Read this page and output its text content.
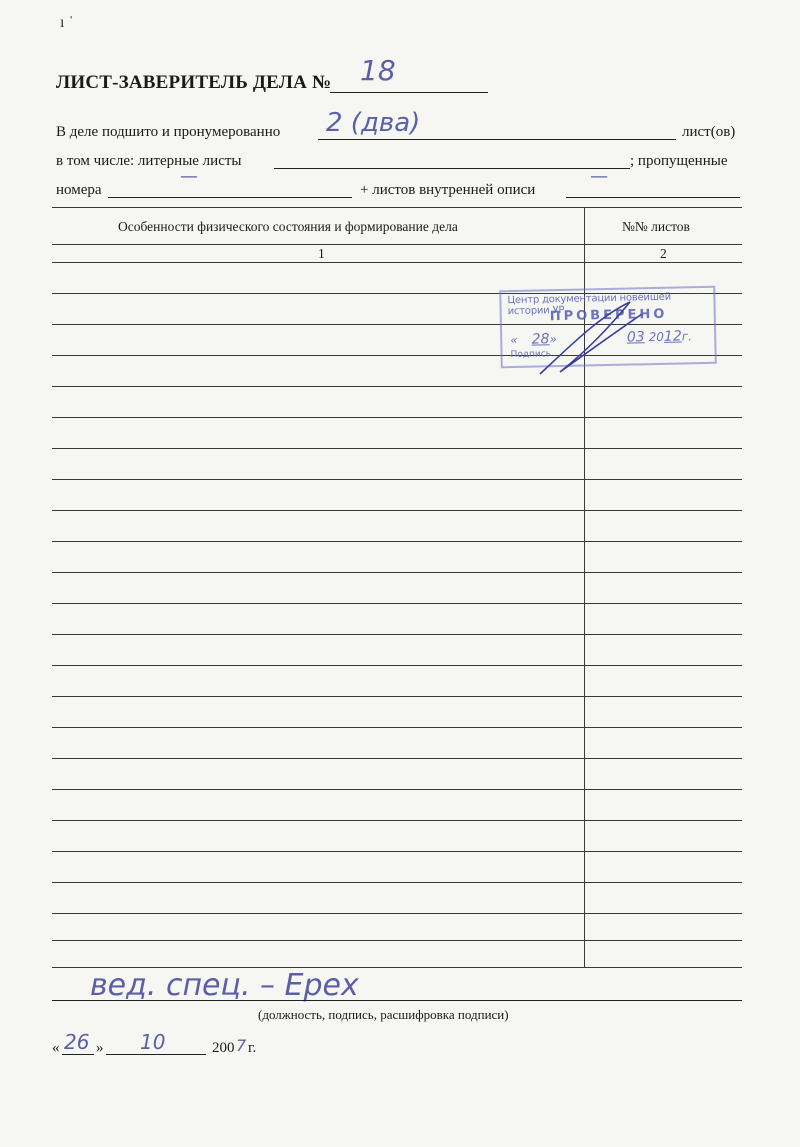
ı ˈ
ЛИСТ-ЗАВЕРИТЕЛЬ ДЕЛА № 18
В деле подшито и пронумерованно 2 (два)	лист(ов)
в том числе: литерные листы	; пропущенные
номера
—
+ листов внутренней описи
—
Особенности физического состояния и формирование дела	№№ листов
1	2
Центр документации новейшей истории УР
ПРОВЕРЕНО
« 28»	03 2012г.
Подпись
вед. спец. – Ерех
(должность, подпись, расшифровка подписи)
« 26 » 10	200 7 г.
